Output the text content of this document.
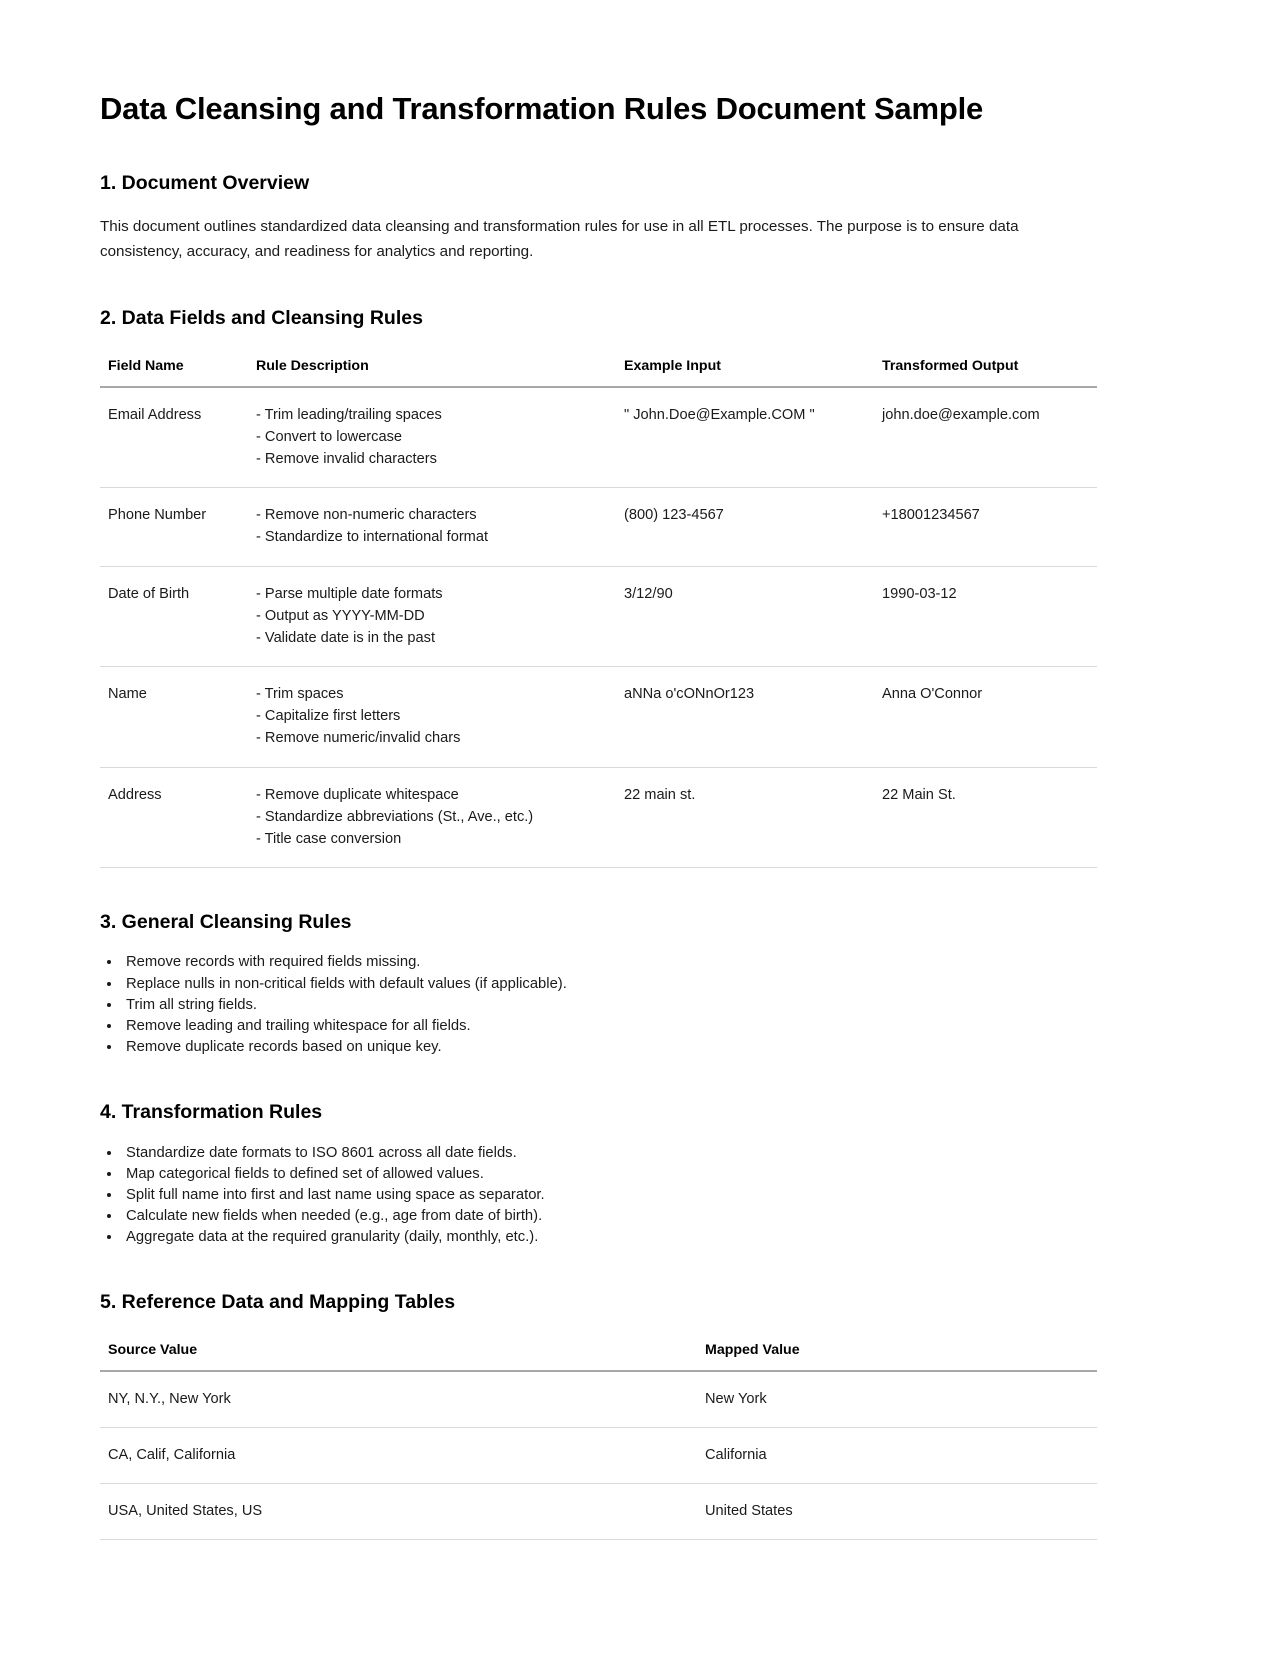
Data Cleansing and Transformation Rules Document Sample
1. Document Overview

This document outlines standardized data cleansing and transformation rules for use in all ETL processes. The purpose is to ensure data consistency, accuracy, and readiness for analytics and reporting.

2. Data Fields and Cleansing Rules
Field Name	Rule Description	Example Input	Transformed Output
Email Address	- Trim leading/trailing spaces
- Convert to lowercase
- Remove invalid characters	" John.Doe@Example.COM "	john.doe@example.com
Phone Number	- Remove non-numeric characters
- Standardize to international format	(800) 123-4567	+18001234567
Date of Birth	- Parse multiple date formats
- Output as YYYY-MM-DD
- Validate date is in the past	3/12/90	1990-03-12
Name	- Trim spaces
- Capitalize first letters
- Remove numeric/invalid chars	aNNa o'cONnOr123	Anna O'Connor
Address	- Remove duplicate whitespace
- Standardize abbreviations (St., Ave., etc.)
- Title case conversion	22 main st.	22 Main St.
3. General Cleansing Rules
• Remove records with required fields missing.
• Replace nulls in non-critical fields with default values (if applicable).
• Trim all string fields.
• Remove leading and trailing whitespace for all fields.
• Remove duplicate records based on unique key.
4. Transformation Rules
• Standardize date formats to ISO 8601 across all date fields.
• Map categorical fields to defined set of allowed values.
• Split full name into first and last name using space as separator.
• Calculate new fields when needed (e.g., age from date of birth).
• Aggregate data at the required granularity (daily, monthly, etc.).
5. Reference Data and Mapping Tables
Source Value	Mapped Value
NY, N.Y., New York	New York
CA, Calif, California	California
USA, United States, US	United States
